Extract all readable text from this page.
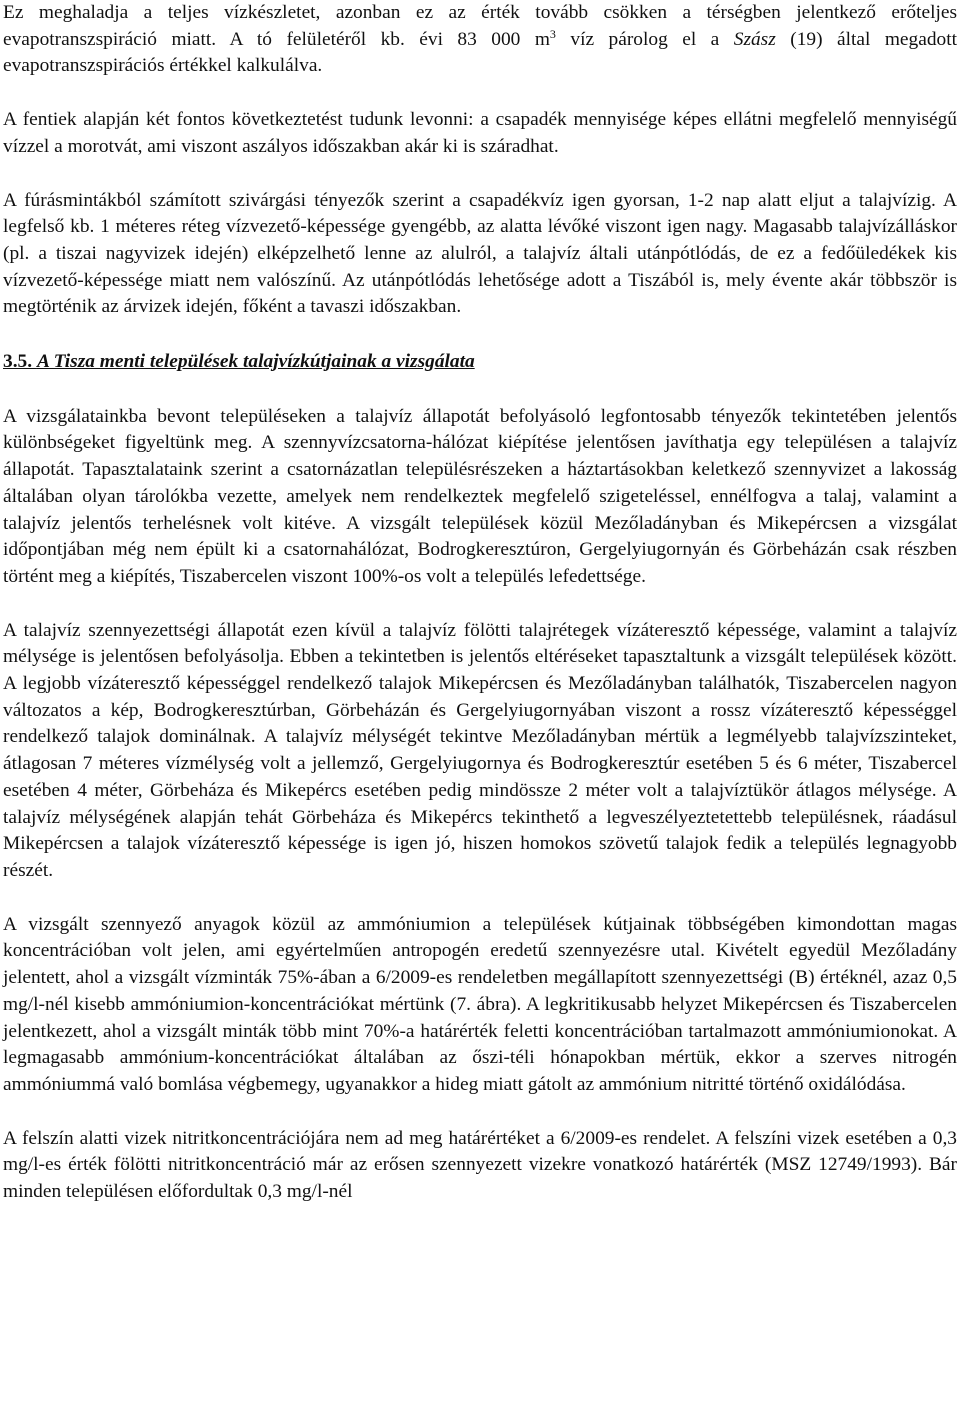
Ez meghaladja a teljes vízkészletet, azonban ez az érték tovább csökken a térségben jelentkező erőteljes evapotranszspiráció miatt. A tó felületéről kb. évi 83 000 $m^3$ víz párolog el a Szász (19) által megadott evapotranszspirációs értékkel kalkulálva.

A fentiek alapján két fontos következtetést tudunk levonni: a csapadék mennyisége képes ellátni megfelelő mennyiségű vízzel a morotvát, ami viszont aszályos időszakban akár ki is száradhat.

A fúrásmintákból számított szivárgási tényezők szerint a csapadékvíz igen gyorsan, 1-2 nap alatt eljut a talajvízig. A legfelső kb. 1 méteres réteg vízvezető-képessége gyengébb, az alatta lévőké viszont igen nagy. Magasabb talajvízálláskor (pl. a tiszai nagyvizek idején) elképzelhető lenne az alulról, a talajvíz általi utánpótlódás, de ez a fedőüledékek kis vízvezető-képessége miatt nem valószínű. Az utánpótlódás lehetősége adott a Tiszából is, mely évente akár többször is megtörténik az árvizek idején, főként a tavaszi időszakban.

3.5. A Tisza menti települések talajvízkútjainak a vizsgálata

A vizsgálatainkba bevont településeken a talajvíz állapotát befolyásoló legfontosabb tényezők tekintetében jelentős különbségeket figyeltünk meg. A szennyvízcsatorna-hálózat kiépítése jelentősen javíthatja egy településen a talajvíz állapotát. Tapasztalataink szerint a csatornázatlan településrészeken a háztartásokban keletkező szennyvizet a lakosság általában olyan tárolókba vezette, amelyek nem rendelkeztek megfelelő szigeteléssel, ennélfogva a talaj, valamint a talajvíz jelentős terhelésnek volt kitéve. A vizsgált települések közül Mezőladányban és Mikepércsen a vizsgálat időpontjában még nem épült ki a csatornahálózat, Bodrogkeresztúron, Gergelyiugornyán és Görbeházán csak részben történt meg a kiépítés, Tiszabercelen viszont 100%-os volt a település lefedettsége.

A talajvíz szennyezettségi állapotát ezen kívül a talajvíz fölötti talajrétegek vízáteresztő képessége, valamint a talajvíz mélysége is jelentősen befolyásolja. Ebben a tekintetben is jelentős eltéréseket tapasztaltunk a vizsgált települések között. A legjobb vízáteresztő képességgel rendelkező talajok Mikepércsen és Mezőladányban találhatók, Tiszabercelen nagyon változatos a kép, Bodrogkeresztúrban, Görbeházán és Gergelyiugornyában viszont a rossz vízáteresztő képességgel rendelkező talajok dominálnak. A talajvíz mélységét tekintve Mezőladányban mértük a legmélyebb talajvízszinteket, átlagosan 7 méteres vízmélység volt a jellemző, Gergelyiugornya és Bodrogkeresztúr esetében 5 és 6 méter, Tiszabercel esetében 4 méter, Görbeháza és Mikepércs esetében pedig mindössze 2 méter volt a talajvíztükör átlagos mélysége. A talajvíz mélységének alapján tehát Görbeháza és Mikepércs tekinthető a legveszélyeztetettebb településnek, ráadásul Mikepércsen a talajok vízáteresztő képessége is igen jó, hiszen homokos szövetű talajok fedik a település legnagyobb részét.

A vizsgált szennyező anyagok közül az ammóniumion a települések kútjainak többségében kimondottan magas koncentrációban volt jelen, ami egyértelműen antropogén eredetű szennyezésre utal. Kivételt egyedül Mezőladány jelentett, ahol a vizsgált vízminták 75%-ában a 6/2009-es rendeletben megállapított szennyezettségi (B) értéknél, azaz 0,5 mg/l-nél kisebb ammóniumion-koncentrációkat mértünk (7. ábra). A legkritikusabb helyzet Mikepércsen és Tiszabercelen jelentkezett, ahol a vizsgált minták több mint 70%-a határérték feletti koncentrációban tartalmazott ammóniumionokat. A legmagasabb ammónium-koncentrációkat általában az őszi-téli hónapokban mértük, ekkor a szerves nitrogén ammóniummá való bomlása végbemegy, ugyanakkor a hideg miatt gátolt az ammónium nitritté történő oxidálódása.

A felszín alatti vizek nitritkoncentrációjára nem ad meg határértéket a 6/2009-es rendelet. A felszíni vizek esetében a 0,3 mg/l-es érték fölötti nitritkoncentráció már az erősen szennyezett vizekre vonatkozó határérték (MSZ 12749/1993). Bár minden településen előfordultak 0,3 mg/l-nél
